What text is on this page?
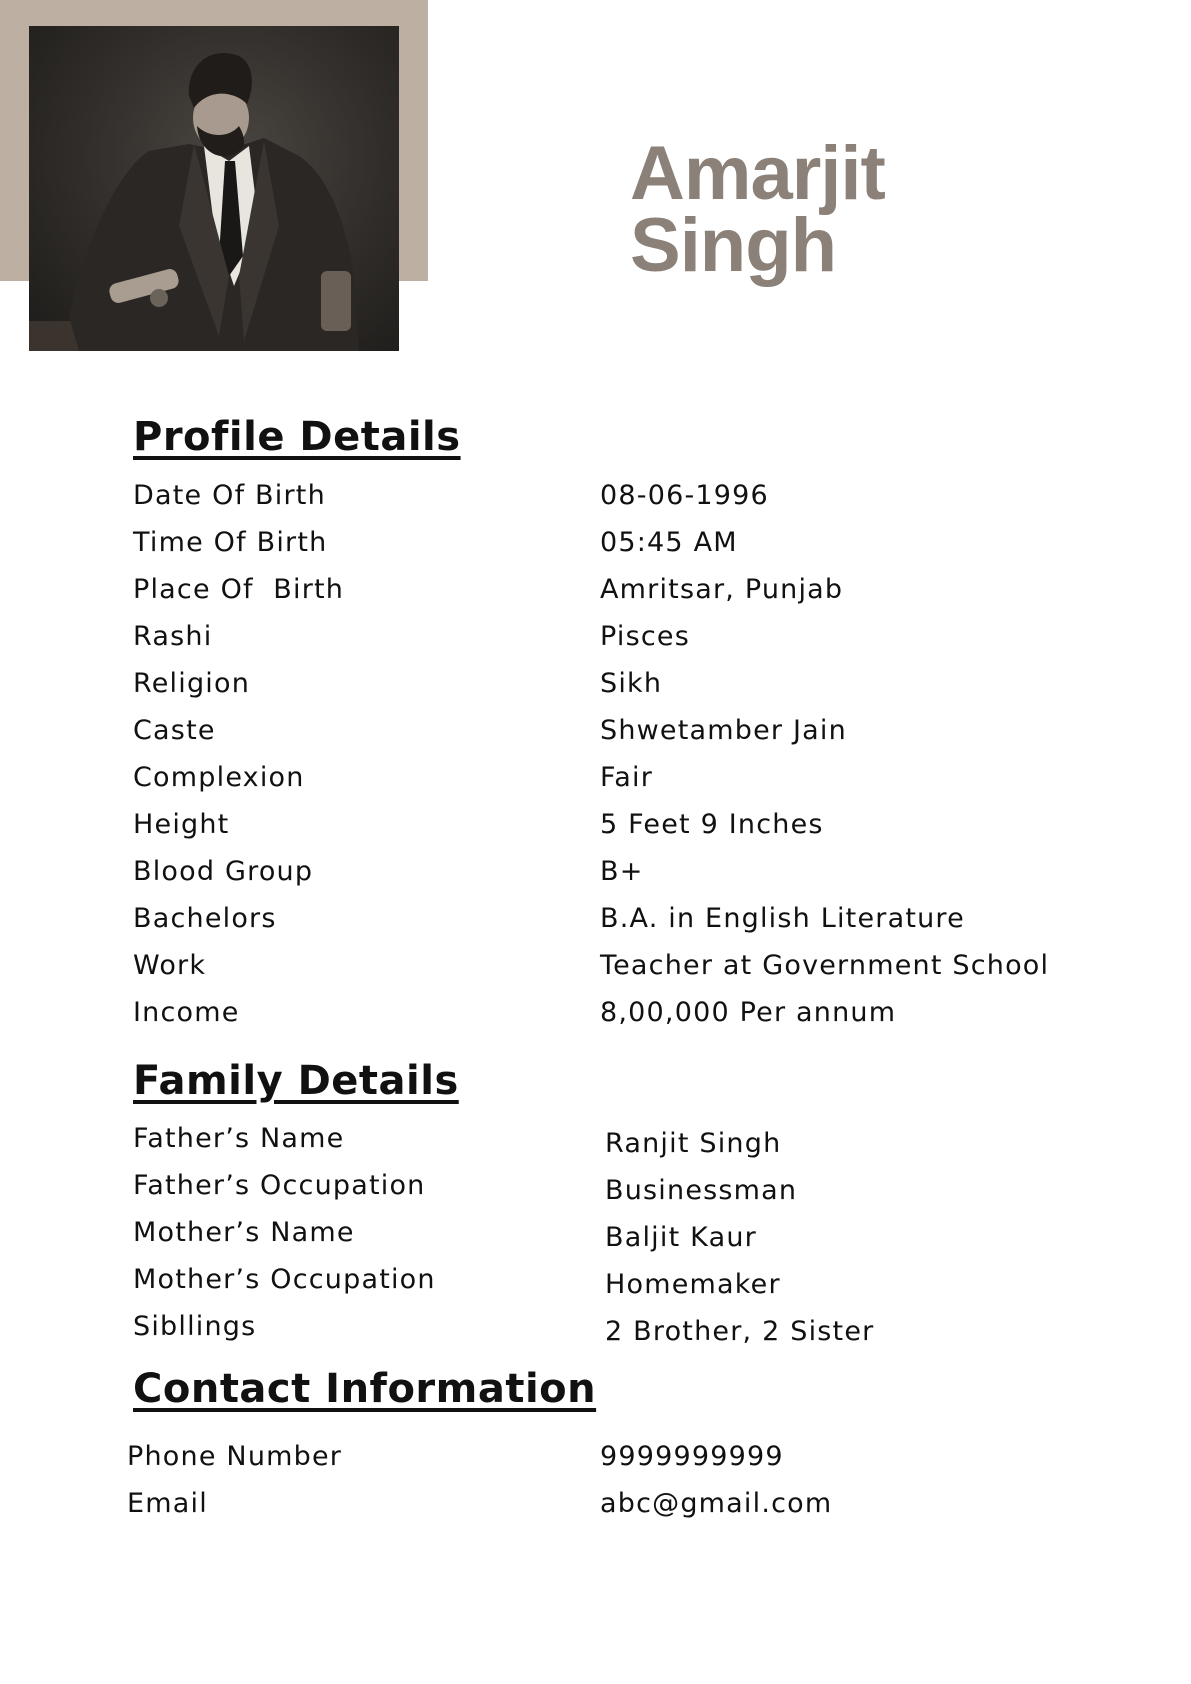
Amarjit
Singh
Profile Details
Date Of Birth	08-06-1996
Time Of Birth	05:45 AM
Place Of  Birth	Amritsar, Punjab
Rashi	Pisces
Religion	Sikh
Caste	Shwetamber Jain
Complexion	Fair
Height	5 Feet 9 Inches
Blood Group	B+
Bachelors	B.A. in English Literature
Work	Teacher at Government School
Income	8,00,000 Per annum
Family Details
Father’s Name	Ranjit Singh
Father’s Occupation	Businessman
Mother’s Name	Baljit Kaur
Mother’s Occupation	Homemaker
Sibllings	2 Brother, 2 Sister
Contact Information
Phone Number	9999999999
Email	abc@gmail.com
